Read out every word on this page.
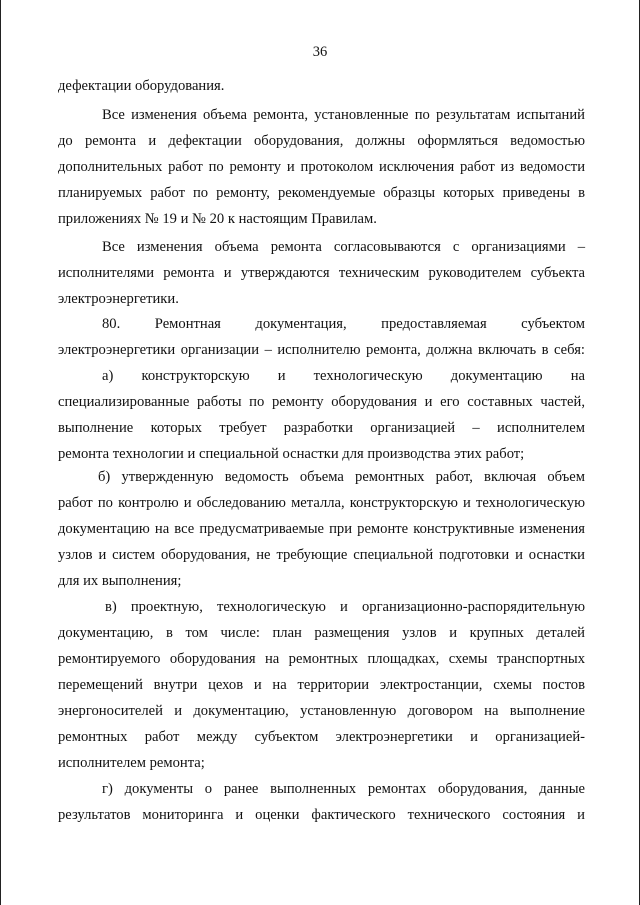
36
дефектации оборудования.
Все изменения объема ремонта, установленные по результатам испытаний
до ремонта и дефектации оборудования, должны оформляться ведомостью
дополнительных работ по ремонту и протоколом исключения работ из ведомости
планируемых работ по ремонту, рекомендуемые образцы которых приведены в
приложениях № 19 и № 20 к настоящим Правилам.
Все изменения объема ремонта согласовываются с организациями –
исполнителями ремонта и утверждаются техническим руководителем субъекта
электроэнергетики.
80. Ремонтная документация, предоставляемая субъектом
электроэнергетики организации – исполнителю ремонта, должна включать в себя:
а) конструкторскую и технологическую документацию на
специализированные работы по ремонту оборудования и его составных частей,
выполнение которых требует разработки организацией – исполнителем
ремонта технологии и специальной оснастки для производства этих работ;
б) утвержденную ведомость объема ремонтных работ, включая объем
работ по контролю и обследованию металла, конструкторскую и технологическую
документацию на все предусматриваемые при ремонте конструктивные изменения
узлов и систем оборудования, не требующие специальной подготовки и оснастки
для их выполнения;
в) проектную, технологическую и организационно-распорядительную
документацию, в том числе: план размещения узлов и крупных деталей
ремонтируемого оборудования на ремонтных площадках, схемы транспортных
перемещений внутри цехов и на территории электростанции, схемы постов
энергоносителей и документацию, установленную договором на выполнение
ремонтных работ между субъектом электроэнергетики и организацией-
исполнителем ремонта;
г) документы о ранее выполненных ремонтах оборудования, данные
результатов мониторинга и оценки фактического технического состояния и
